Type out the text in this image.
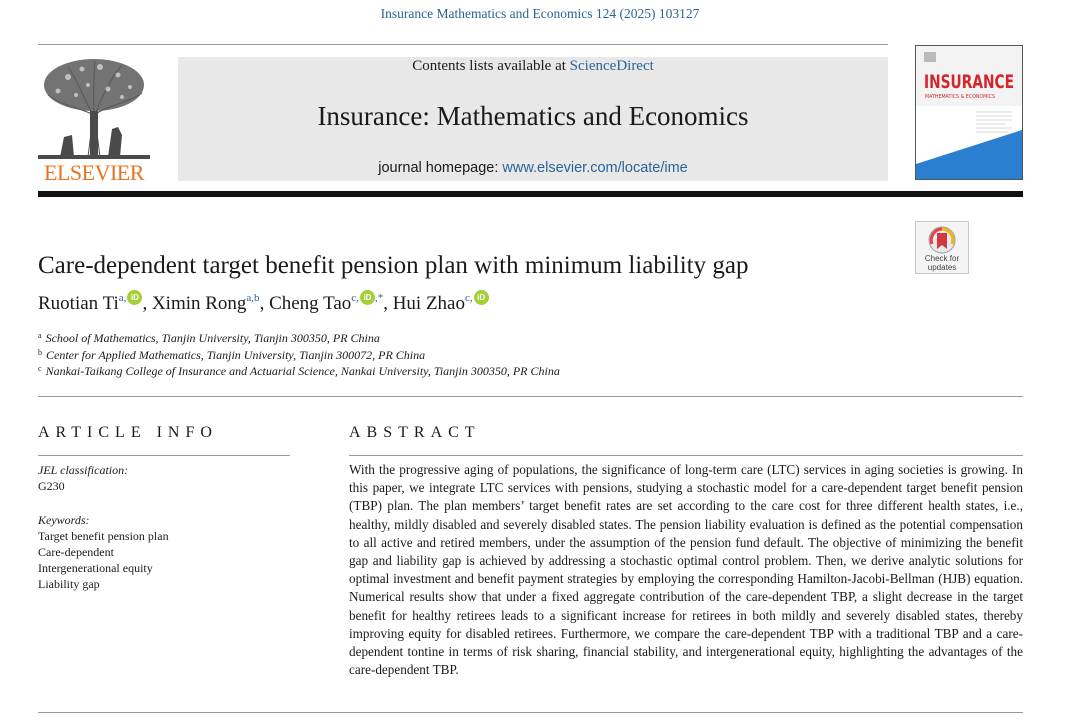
Insurance Mathematics and Economics 124 (2025) 103127
ELSEVIER
Contents lists available at ScienceDirect
Insurance: Mathematics and Economics
journal homepage: www.elsevier.com/locate/ime
INSURANCE
MATHEMATICS & ECONOMICS
Check for
updates
Care-dependent target benefit pension plan with minimum liability gap
Ruotian $Ti^{a,}$ iD , Ximin Rong$^{a,b}$, Cheng Tao$^{c,}$ iD ,*, Hui Zhao$^{c,}$ iD
$^a$ School of Mathematics, Tianjin University, Tianjin 300350, PR China
$^b$ Center for Applied Mathematics, Tianjin University, Tianjin 300072, PR China
$^c$ Nankai-Taikang College of Insurance and Actuarial Science, Nankai University, Tianjin 300350, PR China
ARTICLE INFO	ABSTRACT
JEL classification:
G230
Keywords:
Target benefit pension plan
Care-dependent
Intergenerational equity
Liability gap
With the progressive aging of populations, the significance of long-term care (LTC) services in aging societies is growing. In this paper, we integrate LTC services with pensions, studying a stochastic model for a care-dependent target benefit pension (TBP) plan. The plan members’ target benefit rates are set according to the care cost for three different health states, i.e., healthy, mildly disabled and severely disabled states. The pension liability evaluation is defined as the potential compensation to all active and retired members, under the assumption of the pension fund default. The objective of minimizing the benefit gap and liability gap is achieved by addressing a stochastic optimal control problem. Then, we derive analytic solutions for optimal investment and benefit payment strategies by employing the corresponding Hamilton-Jacobi-Bellman (HJB) equation. Numerical results show that under a fixed aggregate contribution of the care-dependent TBP, a slight decrease in the target benefit for healthy retirees leads to a significant increase for retirees in both mildly and severely disabled states, thereby improving equity for disabled retirees. Furthermore, we compare the care-dependent TBP with a traditional TBP and a care-dependent tontine in terms of risk sharing, financial stability, and intergenerational equity, highlighting the advantages of the care-dependent TBP.
